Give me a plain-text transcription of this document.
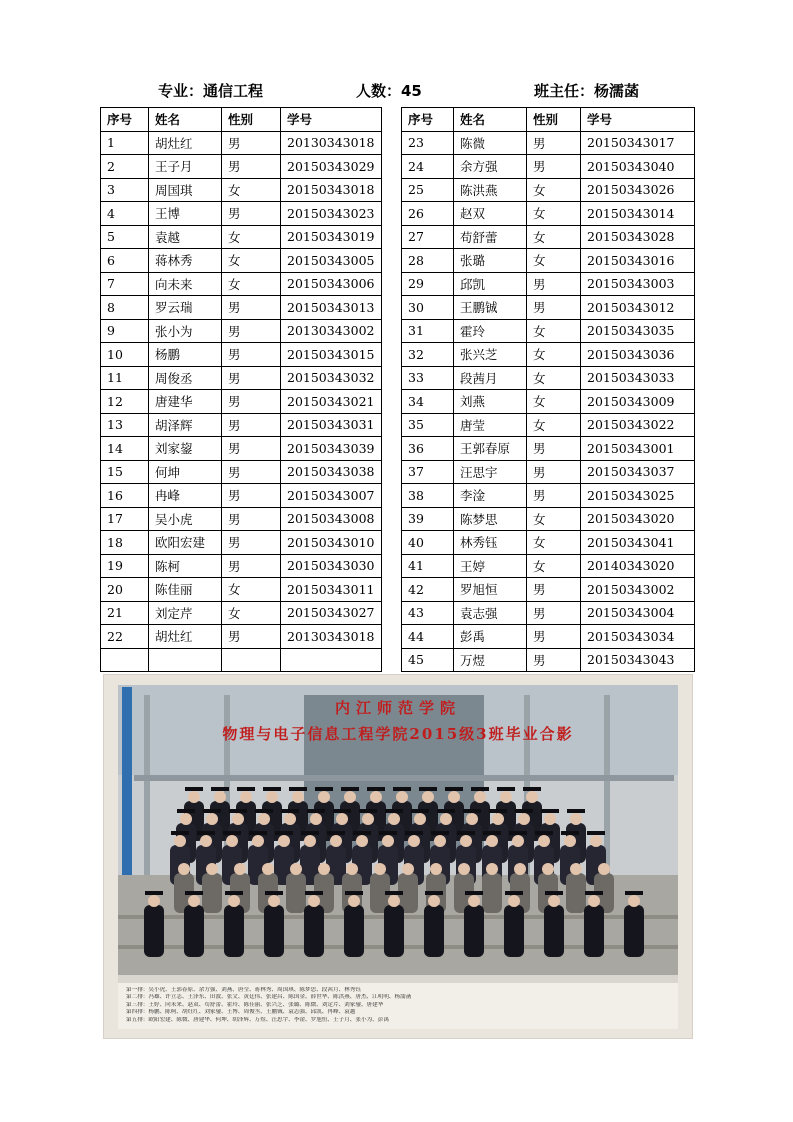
专业：通信工程	人数：45	班主任：杨濡菡
序号	姓名	性别	学号
1	胡灶红	男	20130343018
2	王子月	男	20150343029
3	周国琪	女	20150343018
4	王博	男	20150343023
5	袁越	女	20150343019
6	蒋林秀	女	20150343005
7	向未来	女	20150343006
8	罗云瑞	男	20150343013
9	张小为	男	20130343002
10	杨鹏	男	20150343015
11	周俊丞	男	20150343032
12	唐建华	男	20150343021
13	胡泽辉	男	20150343031
14	刘家鋆	男	20150343039
15	何坤	男	20150343038
16	冉峰	男	20150343007
17	吴小虎	男	20150343008
18	欧阳宏建	男	20150343010
19	陈柯	男	20150343030
20	陈佳丽	女	20150343011
21	刘定芹	女	20150343027
22	胡灶红	男	20130343018

序号	姓名	性别	学号
23	陈微	男	20150343017
24	余方强	男	20150343040
25	陈洪燕	女	20150343026
26	赵双	女	20150343014
27	苟舒蕾	女	20150343028
28	张璐	女	20150343016
29	邱凯	男	20150343003
30	王鹏铖	男	20150343012
31	霍玲	女	20150343035
32	张兴芝	女	20150343036
33	段茜月	女	20150343033
34	刘燕	女	20150343009
35	唐莹	女	20150343022
36	王郭春原	男	20150343001
37	汪思宇	男	20150343037
38	李淦	男	20150343025
39	陈梦思	女	20150343020
40	林秀钰	女	20150343041
41	王婷	女	20140343020
42	罗旭恒	男	20150343002
43	袁志强	男	20150343004
44	彭禹	男	20150343034
45	万煜	男	20150343043
内江师范学院
物理与电子信息工程学院2015级3班毕业合影
第一排：吴小虎、王郭春原、余方强、刘燕、唐莹、蒋林秀、周国琪、陈梦思、段茜月、林秀钰
第二排：冯雄、许立志、王泽东、田波、张文、黄廷伟、张建昌、陈国金、薛世华、陈洪燕、唐杰、江明明、杨濡菡
第三排：王婷、向未来、赵双、苟舒蕾、霍玲、陈佳丽、张兴芝、张璐、陈微、刘定芹、刘家鋆、唐建华
第四排：杨鹏、陈柯、胡灶红、刘家鋆、王博、周俊丞、王鹏铖、袁志强、邱凯、冉峰、袁越
第五排：欧阳宏建、陈微、唐建华、何坤、胡泽辉、万煜、汪思宇、李淦、罗旭恒、王子月、张小为、彭禹
